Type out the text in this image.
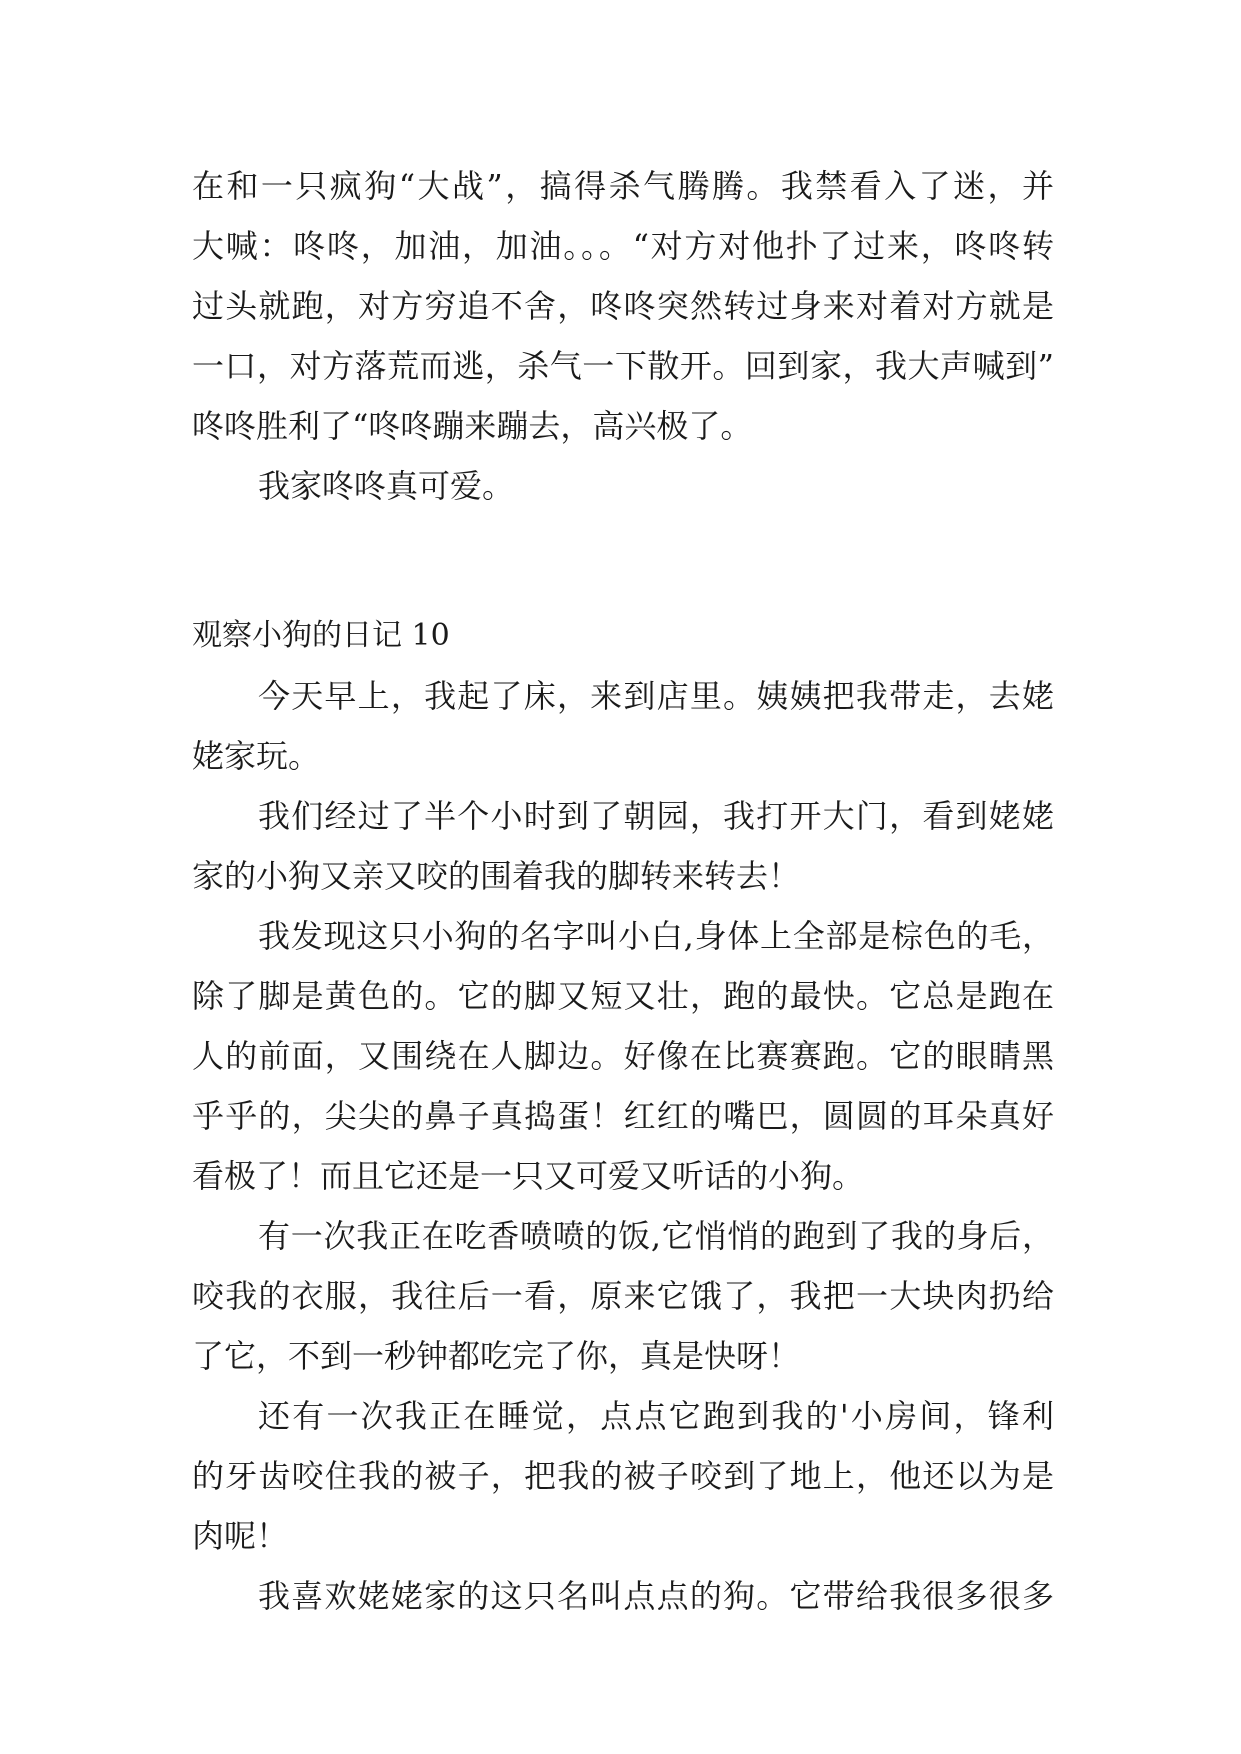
在和一只疯狗“大战”，搞得杀气腾腾。我禁看入了迷，并
大喊：咚咚，加油，加油。。。“对方对他扑了过来，咚咚转
过头就跑，对方穷追不舍，咚咚突然转过身来对着对方就是
一口，对方落荒而逃，杀气一下散开。回到家，我大声喊到”
咚咚胜利了“咚咚蹦来蹦去，高兴极了。
我家咚咚真可爱。
观察小狗的日记 10
今天早上，我起了床，来到店里。姨姨把我带走，去姥
姥家玩。
我们经过了半个小时到了朝园，我打开大门，看到姥姥
家的小狗又亲又咬的围着我的脚转来转去！
我发现这只小狗的名字叫小白,身体上全部是棕色的毛，
除了脚是黄色的。它的脚又短又壮，跑的最快。它总是跑在
人的前面，又围绕在人脚边。好像在比赛赛跑。它的眼睛黑
乎乎的，尖尖的鼻子真捣蛋！红红的嘴巴，圆圆的耳朵真好
看极了！而且它还是一只又可爱又听话的小狗。
有一次我正在吃香喷喷的饭,它悄悄的跑到了我的身后，
咬我的衣服，我往后一看，原来它饿了，我把一大块肉扔给
了它，不到一秒钟都吃完了你，真是快呀！
还有一次我正在睡觉，点点它跑到我的'小房间，锋利
的牙齿咬住我的被子，把我的被子咬到了地上，他还以为是
肉呢！
我喜欢姥姥家的这只名叫点点的狗。它带给我很多很多
